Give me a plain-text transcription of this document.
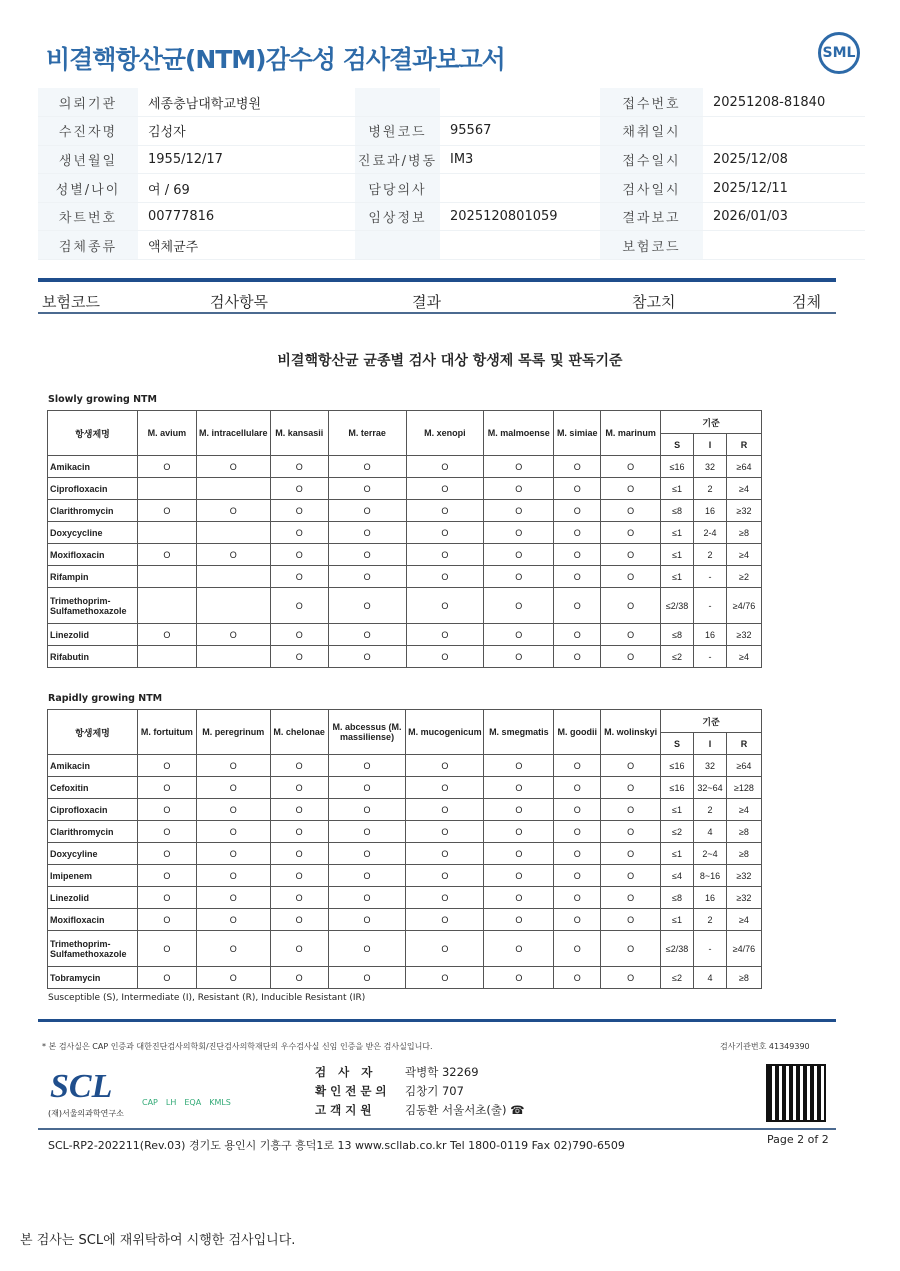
비결핵항산균(NTM)감수성 검사결과보고서	SML
의뢰기관	세종충남대학교병원			접수번호	20251208-81840
수진자명	김성자	병원코드	95567	채취일시	
생년월일	1955/12/17	진료과/병동	IM3	접수일시	2025/12/08
성별/나이	여 / 69	담당의사		검사일시	2025/12/11
차트번호	00777816	임상정보	2025120801059	결과보고	2026/01/03
검체종류	액체균주			보험코드	
보험코드	검사항목	결과	참고치	검체
비결핵항산균 균종별 검사 대상 항생제 목록 및 판독기준
Slowly growing NTM
항생제명	M. avium	M. intracellulare	M. kansasii	M. terrae	M. xenopi	M. malmoense	M. simiae	M. marinum	기준		
									S	I	R
Amikacin	O	O	O	O	O	O	O	O	≤16	32	≥64
Ciprofloxacin			O	O	O	O	O	O	≤1	2	≥4
Clarithromycin	O	O	O	O	O	O	O	O	≤8	16	≥32
Doxycycline			O	O	O	O	O	O	≤1	2-4	≥8
Moxifloxacin	O	O	O	O	O	O	O	O	≤1	2	≥4
Rifampin			O	O	O	O	O	O	≤1	-	≥2
Trimethoprim-Sulfamethoxazole			O	O	O	O	O	O	≤2/38	-	≥4/76
Linezolid	O	O	O	O	O	O	O	O	≤8	16	≥32
Rifabutin			O	O	O	O	O	O	≤2	-	≥4
Rapidly growing NTM
항생제명	M. fortuitum	M. peregrinum	M. chelonae	M. abcessus (M. massiliense)	M. mucogenicum	M. smegmatis	M. goodii	M. wolinskyi	기준		
									S	I	R
Amikacin	O	O	O	O	O	O	O	O	≤16	32	≥64
Cefoxitin	O	O	O	O	O	O	O	O	≤16	32~64	≥128
Ciprofloxacin	O	O	O	O	O	O	O	O	≤1	2	≥4
Clarithromycin	O	O	O	O	O	O	O	O	≤2	4	≥8
Doxycyline	O	O	O	O	O	O	O	O	≤1	2~4	≥8
Imipenem	O	O	O	O	O	O	O	O	≤4	8~16	≥32
Linezolid	O	O	O	O	O	O	O	O	≤8	16	≥32
Moxifloxacin	O	O	O	O	O	O	O	O	≤1	2	≥4
Trimethoprim-Sulfamethoxazole	O	O	O	O	O	O	O	O	≤2/38	-	≥4/76
Tobramycin	O	O	O	O	O	O	O	O	≤2	4	≥8
Susceptible (S), Intermediate (I), Resistant (R), Inducible Resistant (IR)
* 본 검사실은 CAP 인증과 대한진단검사의학회/진단검사의학재단의 우수검사실 신임 인증을 받은 검사실입니다.	검사기관번호 41349390
SCL
(재)서울의과학연구소
CAP LH EQA KMLS
검 사 자 곽병학 32269
확인전문의 김창기 707
고객지원	김동환 서울서초(출) ☎
SCL-RP2-202211(Rev.03) 경기도 용인시 기흥구 흥덕1로 13 www.scllab.co.kr Tel 1800-0119 Fax 02)790-6509	Page 2 of 2
본 검사는 SCL에 재위탁하여 시행한 검사입니다.
